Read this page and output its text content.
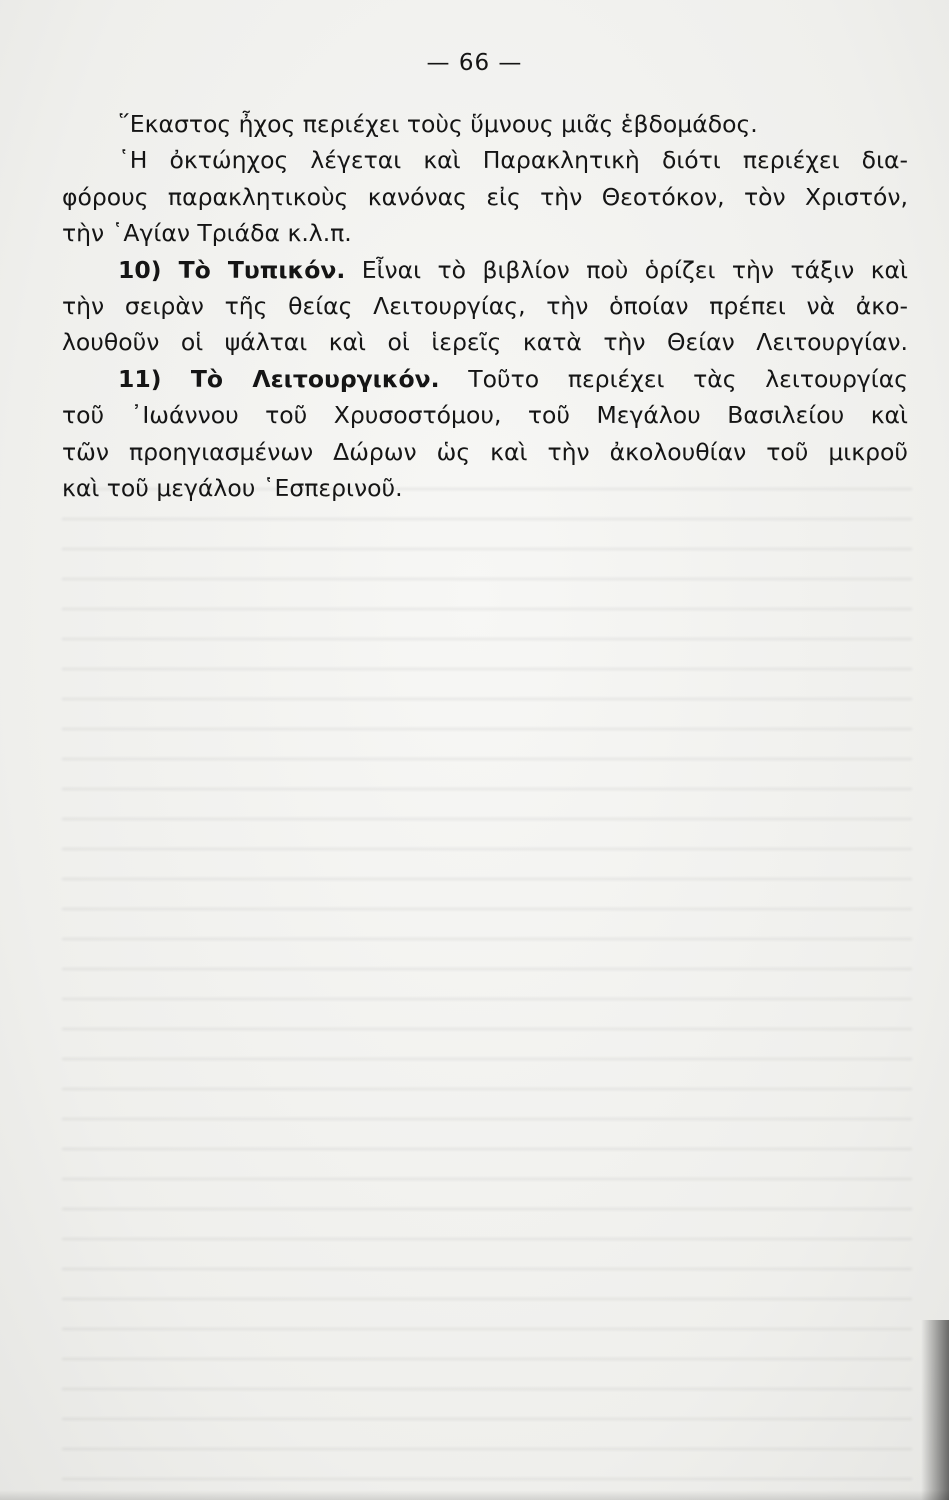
— 66 —
῞Εκαστος ἦχος περιέχει τοὺς ὕμνους μιᾶς ἑβδομάδος.
῾Η ὀκτώηχος λέγεται καὶ Παρακλητικὴ διότι περιέχει δια-
φόρους παρακλητικοὺς κανόνας εἰς τὴν Θεοτόκον, τὸν Χριστόν,
τὴν ῾Αγίαν Τριάδα κ.λ.π.
10) Τὸ Τυπικόν. Εἶναι τὸ βιβλίον ποὺ ὁρίζει τὴν τάξιν καὶ
τὴν σειρὰν τῆς θείας Λειτουργίας, τὴν ὁποίαν πρέπει νὰ ἀκο-
λουθοῦν οἱ ψάλται καὶ οἱ ἱερεῖς κατὰ τὴν Θείαν Λειτουργίαν.
11) Τὸ Λειτουργικόν. Τοῦτο περιέχει τὰς λειτουργίας
τοῦ ᾿Ιωάννου τοῦ Χρυσοστόμου, τοῦ Μεγάλου Βασιλείου καὶ
τῶν προηγιασμένων Δώρων ὡς καὶ τὴν ἀκολουθίαν τοῦ μικροῦ
καὶ τοῦ μεγάλου ῾Εσπερινοῦ.
